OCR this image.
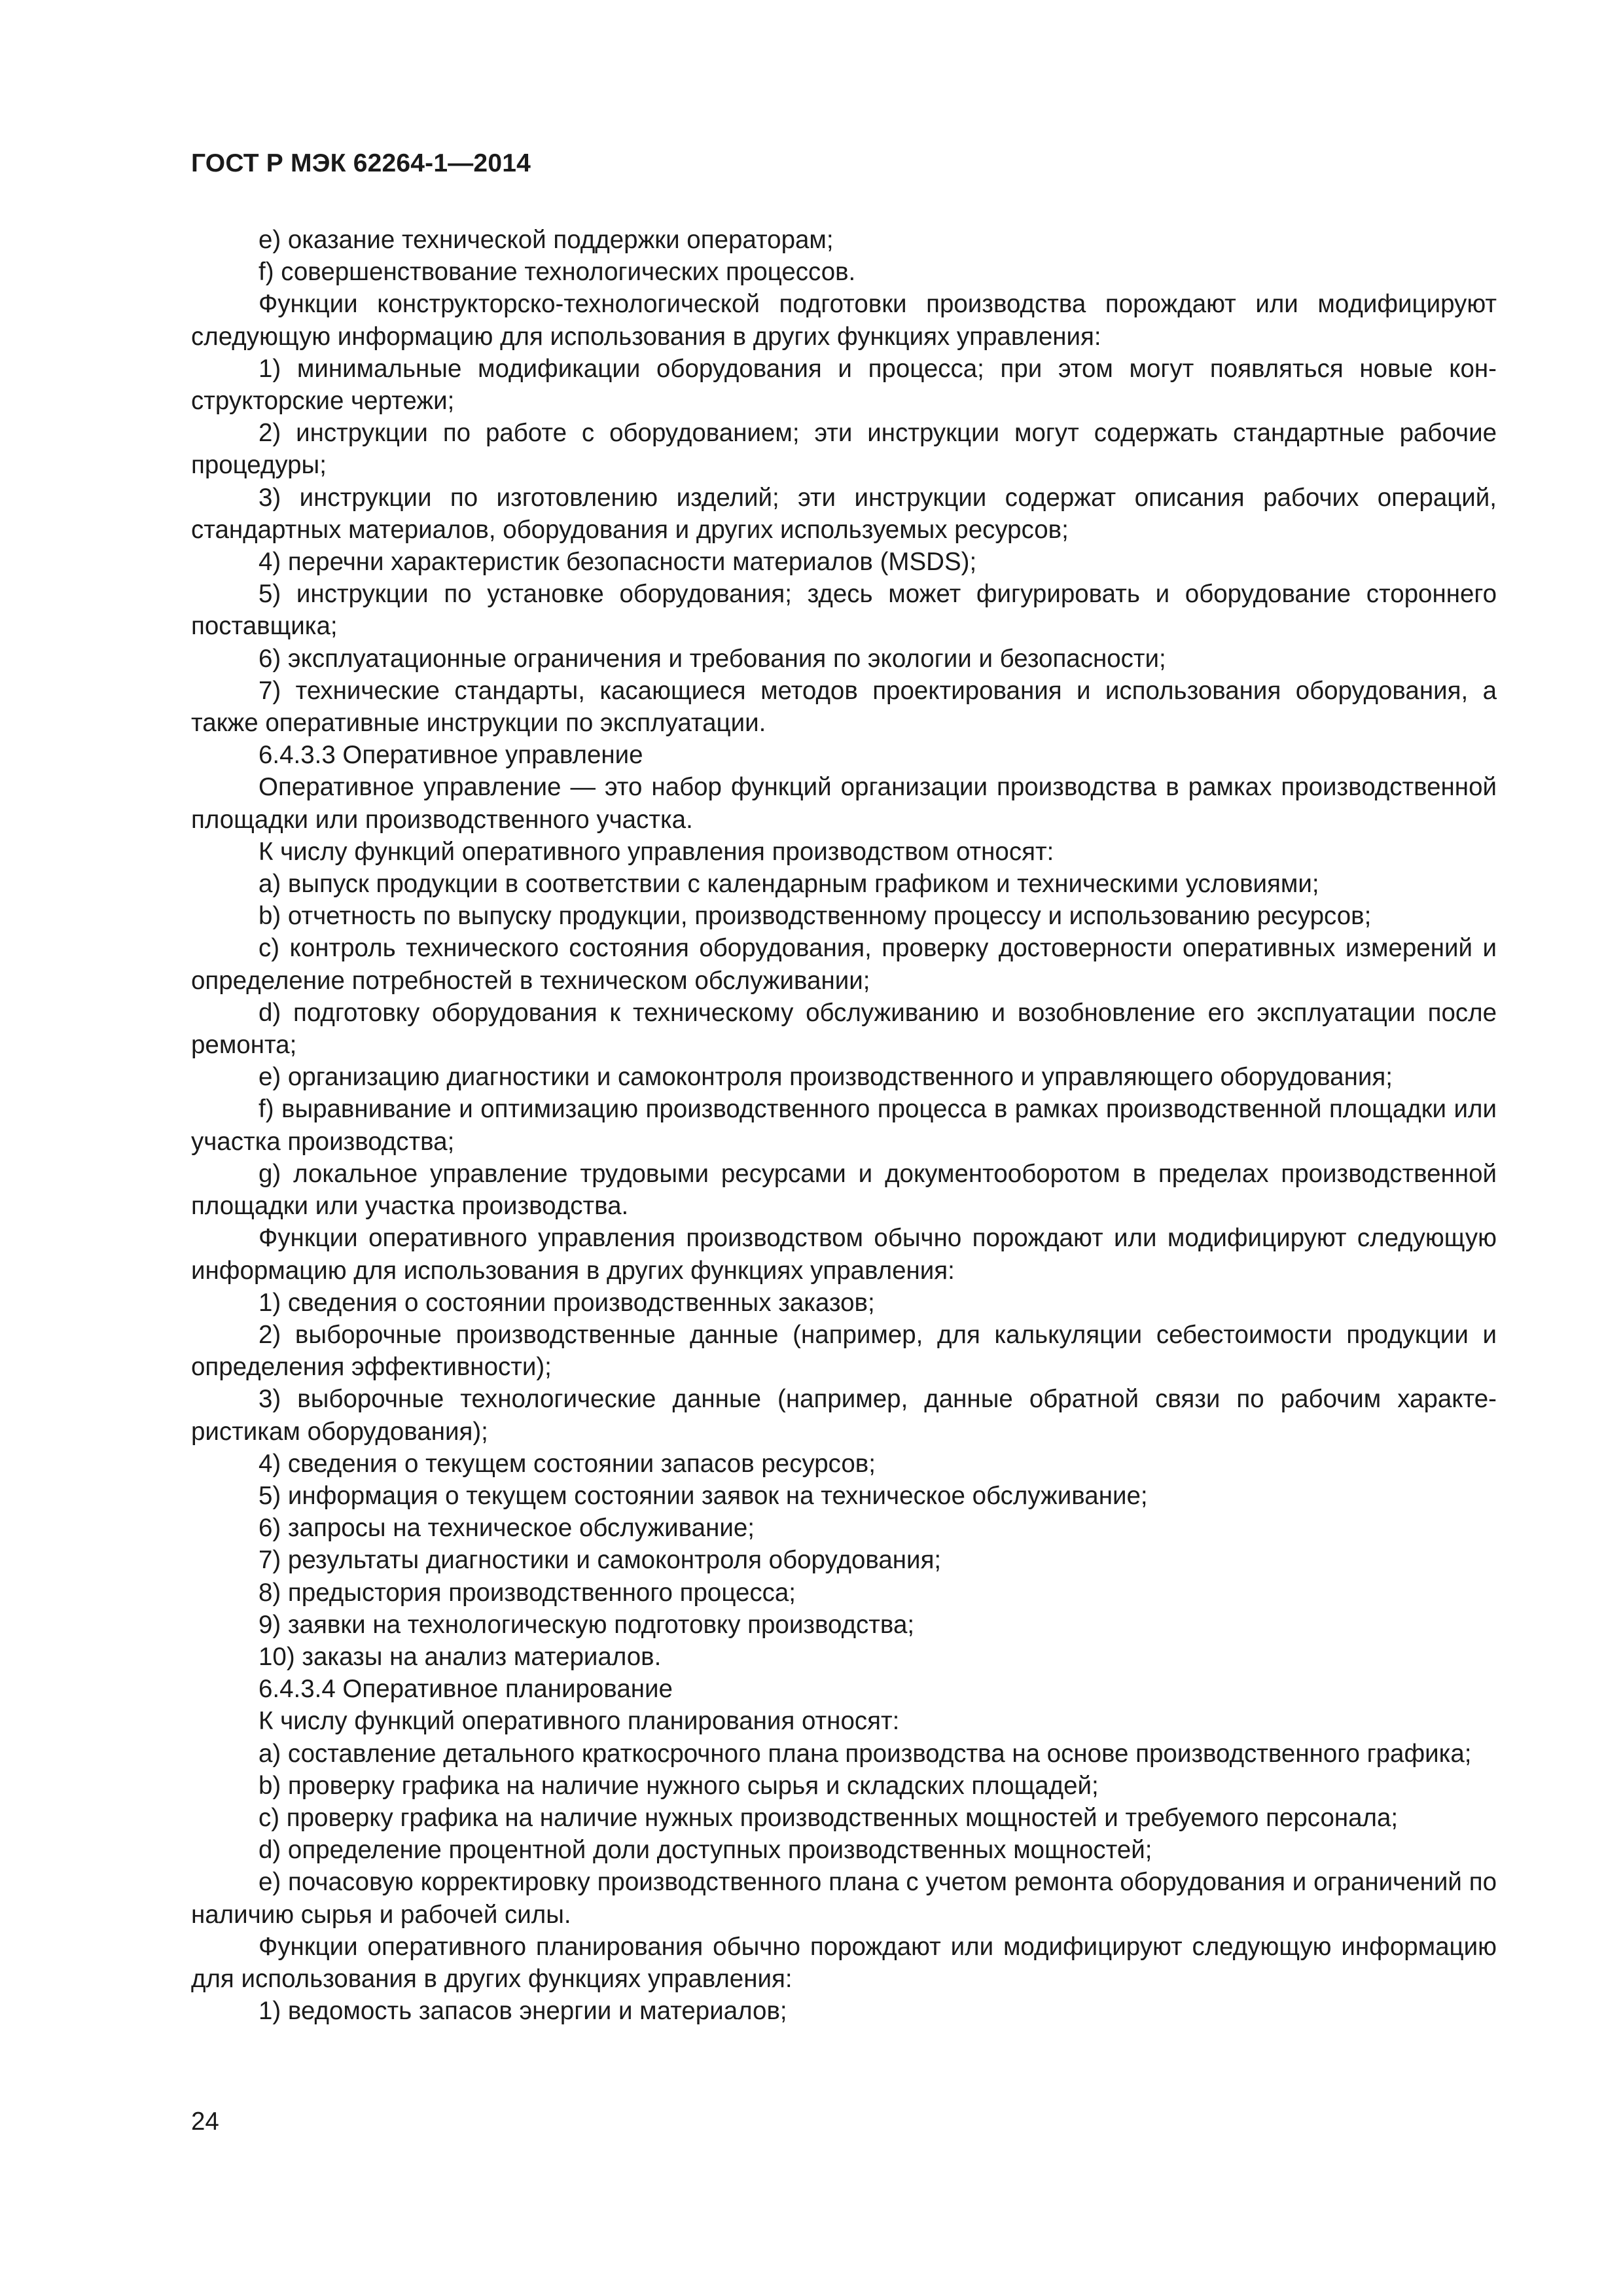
ГОСТ Р МЭК 62264-1—2014

e) оказание технической поддержки операторам;

f) совершенствование технологических процессов.

Функции конструкторско-технологической подготовки производства порождают или модифицируют следующую информацию для использования в других функциях управления:

1) минимальные модификации оборудования и процесса; при этом могут появляться новые конструкторские чертежи;

2) инструкции по работе с оборудованием; эти инструкции могут содержать стандартные рабочие процедуры;

3) инструкции по изготовлению изделий; эти инструкции содержат описания рабочих операций, стандартных материалов, оборудования и других используемых ресурсов;

4) перечни характеристик безопасности материалов (MSDS);

5) инструкции по установке оборудования; здесь может фигурировать и оборудование стороннего поставщика;

6) эксплуатационные ограничения и требования по экологии и безопасности;

7) технические стандарты, касающиеся методов проектирования и использования оборудования, а также оперативные инструкции по эксплуатации.

6.4.3.3 Оперативное управление

Оперативное управление — это набор функций организации производства в рамках производственной площадки или производственного участка.

К числу функций оперативного управления производством относят:

a) выпуск продукции в соответствии с календарным графиком и техническими условиями;

b) отчетность по выпуску продукции, производственному процессу и использованию ресурсов;

c) контроль технического состояния оборудования, проверку достоверности оперативных измерений и определение потребностей в техническом обслуживании;

d) подготовку оборудования к техническому обслуживанию и возобновление его эксплуатации после ремонта;

e) организацию диагностики и самоконтроля производственного и управляющего оборудования;

f) выравнивание и оптимизацию производственного процесса в рамках производственной площадки или участка производства;

g) локальное управление трудовыми ресурсами и документооборотом в пределах производственной площадки или участка производства.

Функции оперативного управления производством обычно порождают или модифицируют следующую информацию для использования в других функциях управления:

1) сведения о состоянии производственных заказов;

2) выборочные производственные данные (например, для калькуляции себестоимости продукции и определения эффективности);

3) выборочные технологические данные (например, данные обратной связи по рабочим характеристикам оборудования);

4) сведения о текущем состоянии запасов ресурсов;

5) информация о текущем состоянии заявок на техническое обслуживание;

6) запросы на техническое обслуживание;

7) результаты диагностики и самоконтроля оборудования;

8) предыстория производственного процесса;

9) заявки на технологическую подготовку производства;

10) заказы на анализ материалов.

6.4.3.4 Оперативное планирование

К числу функций оперативного планирования относят:

a) составление детального краткосрочного плана производства на основе производственного графика;

b) проверку графика на наличие нужного сырья и складских площадей;

c) проверку графика на наличие нужных производственных мощностей и требуемого персонала;

d) определение процентной доли доступных производственных мощностей;

e) почасовую корректировку производственного плана с учетом ремонта оборудования и ограничений по наличию сырья и рабочей силы.

Функции оперативного планирования обычно порождают или модифицируют следующую информацию для использования в других функциях управления:

1) ведомость запасов энергии и материалов;

24
